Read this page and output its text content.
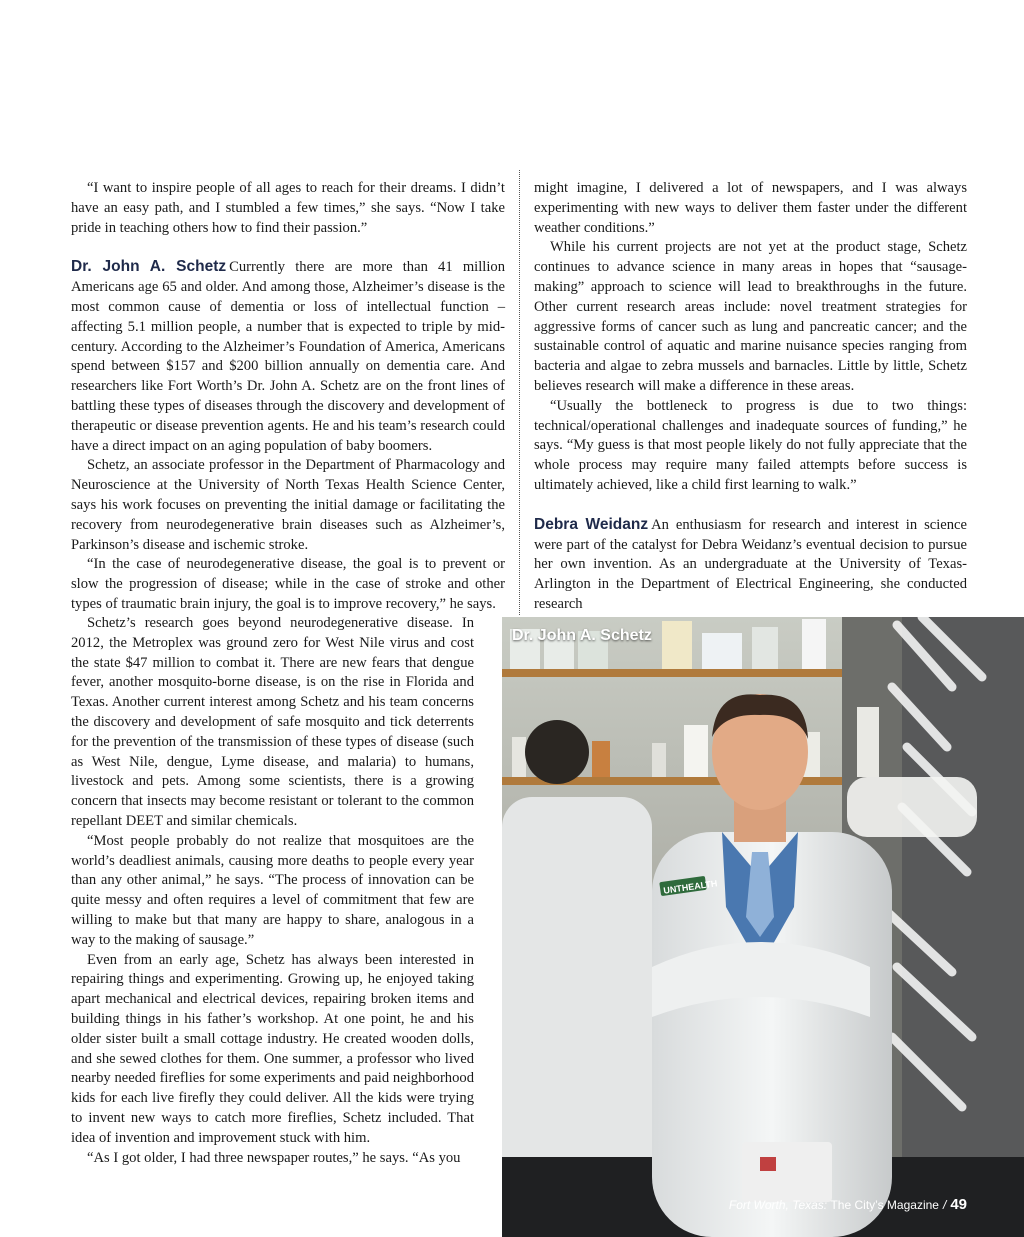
“I want to inspire people of all ages to reach for their dreams. I didn’t have an easy path, and I stumbled a few times,” she says. “Now I take pride in teaching others how to find their passion.”

Dr. John A. Schetz Currently there are more than 41 million Americans age 65 and older. And among those, Alzheimer’s disease is the most common cause of dementia or loss of intellectual function – affecting 5.1 million people, a number that is expected to triple by mid-century. According to the Alzheimer’s Foundation of America, Americans spend between $157 and $200 billion annually on dementia care. And researchers like Fort Worth’s Dr. John A. Schetz are on the front lines of battling these types of diseases through the discovery and development of therapeutic or disease prevention agents. He and his team’s research could have a direct impact on an aging population of baby boomers.

Schetz, an associate professor in the Department of Pharmacology and Neuroscience at the University of North Texas Health Science Center, says his work focuses on preventing the initial damage or facilitating the recovery from neurodegenerative brain diseases such as Alzheimer’s, Parkinson’s disease and ischemic stroke.

“In the case of neurodegenerative disease, the goal is to prevent or slow the progression of disease; while in the case of stroke and other types of traumatic brain injury, the goal is to improve recovery,” he says.

Schetz’s research goes beyond neurodegenerative disease. In 2012, the Metroplex was ground zero for West Nile virus and cost the state $47 million to combat it. There are new fears that dengue fever, another mosquito-borne disease, is on the rise in Florida and Texas. Another current interest among Schetz and his team concerns the discovery and development of safe mosquito and tick deterrents for the prevention of the transmission of these types of disease (such as West Nile, dengue, Lyme disease, and malaria) to humans, livestock and pets. Among some scientists, there is a growing concern that insects may become resistant or tolerant to the common repellant DEET and similar chemicals.

“Most people probably do not realize that mosquitoes are the world’s deadliest animals, causing more deaths to people every year than any other animal,” he says. “The process of innovation can be quite messy and often requires a level of commitment that few are willing to make but that many are happy to share, analogous in a way to the making of sausage.”

Even from an early age, Schetz has always been interested in repairing things and experimenting. Growing up, he enjoyed taking apart mechanical and electrical devices, repairing broken items and building things in his father’s workshop. At one point, he and his older sister built a small cottage industry. He created wooden dolls, and she sewed clothes for them. One summer, a professor who lived nearby needed fireflies for some experiments and paid neighborhood kids for each live firefly they could deliver. All the kids were trying to invent new ways to catch more fireflies, Schetz included. That idea of invention and improvement stuck with him.

“As I got older, I had three newspaper routes,” he says. “As you

might imagine, I delivered a lot of newspapers, and I was always experimenting with new ways to deliver them faster under the different weather conditions.”

While his current projects are not yet at the product stage, Schetz continues to advance science in many areas in hopes that “sausage-making” approach to science will lead to breakthroughs in the future. Other current research areas include: novel treatment strategies for aggressive forms of cancer such as lung and pancreatic cancer; and the sustainable control of aquatic and marine nuisance species ranging from bacteria and algae to zebra mussels and barnacles. Little by little, Schetz believes research will make a difference in these areas.

“Usually the bottleneck to progress is due to two things: technical/operational challenges and inadequate sources of funding,” he says. “My guess is that most people likely do not fully appreciate that the whole process may require many failed attempts before success is ultimately achieved, like a child first learning to walk.”

Debra Weidanz An enthusiasm for research and interest in science were part of the catalyst for Debra Weidanz’s eventual decision to pursue her own invention. As an undergraduate at the University of Texas-Arlington in the Department of Electrical Engineering, she conducted research

UNTHEALTH
Dr. John A. Schetz
Fort Worth, Texas: The City’s Magazine / 49
